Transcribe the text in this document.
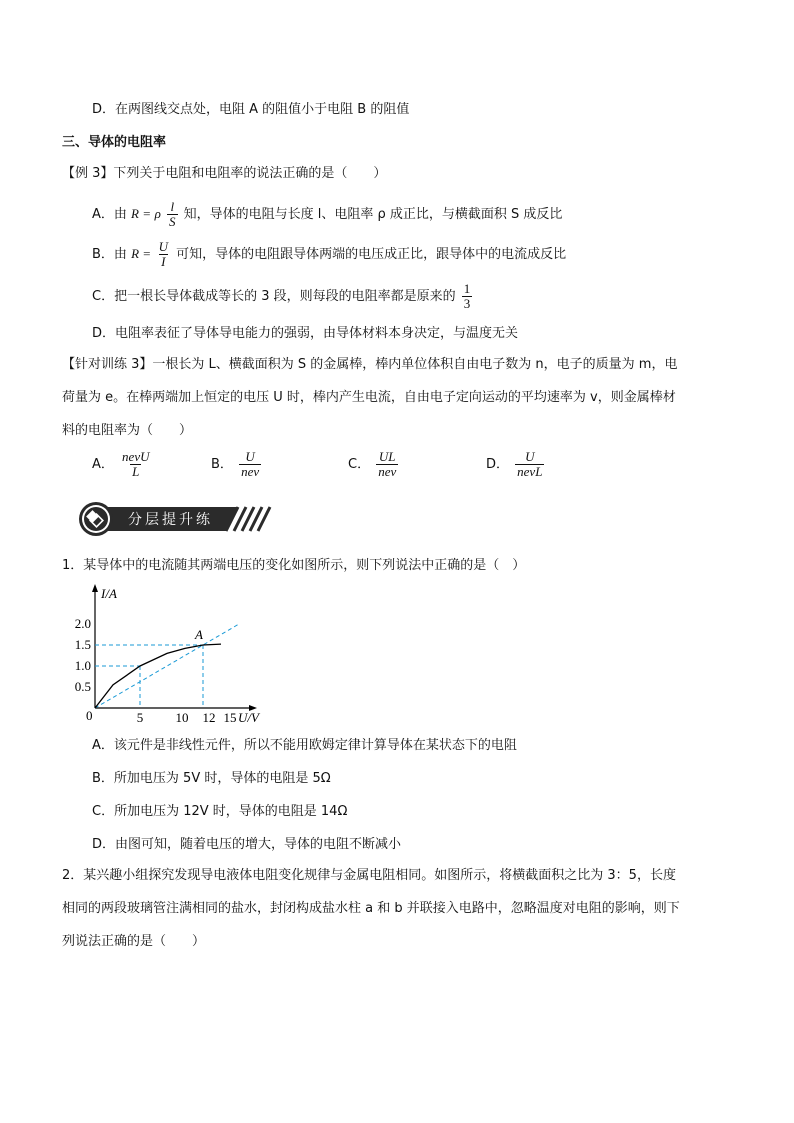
D．在两图线交点处，电阻 A 的阻值小于电阻 B 的阻值
三、导体的电阻率
【例 3】下列关于电阻和电阻率的说法正确的是（　　）
A．由 R = ρ $\frac{l}{S}$ 知，导体的电阻与长度 l、电阻率 ρ 成正比，与横截面积 S 成反比
B．由 $R = \frac{U}{I}$ 可知，导体的电阻跟导体两端的电压成正比，跟导体中的电流成反比
C．把一根长导体截成等长的 3 段，则每段的电阻率都是原来的 $\frac{1}{3}$
D．电阻率表征了导体导电能力的强弱，由导体材料本身决定，与温度无关
【针对训练 3】一根长为 L、横截面积为 S 的金属棒，棒内单位体积自由电子数为 n，电子的质量为 m，电
荷量为 e。在棒两端加上恒定的电压 U 时，棒内产生电流，自由电子定向运动的平均速率为 v，则金属棒材
料的电阻率为（　　）
A． $\frac{\text{nevU}}{L}$	B． $\frac{U}{\text{nev}}$	C． $\frac{UL}{\text{nev}}$	D． $\frac{U}{\text{nevL}}$
分层提升练
1．某导体中的电流随其两端电压的变化如图所示，则下列说法中正确的是（　）
I/A
U/V
0
0.5
1.0
1.5
2.0
5 10 12 15
A
A．该元件是非线性元件，所以不能用欧姆定律计算导体在某状态下的电阻
B．所加电压为 5V 时，导体的电阻是 5Ω
C．所加电压为 12V 时，导体的电阻是 14Ω
D．由图可知，随着电压的增大，导体的电阻不断减小
2．某兴趣小组探究发现导电液体电阻变化规律与金属电阻相同。如图所示，将横截面积之比为 3：5，长度
相同的两段玻璃管注满相同的盐水，封闭构成盐水柱 a 和 b 并联接入电路中，忽略温度对电阻的影响，则下
列说法正确的是（　　）
